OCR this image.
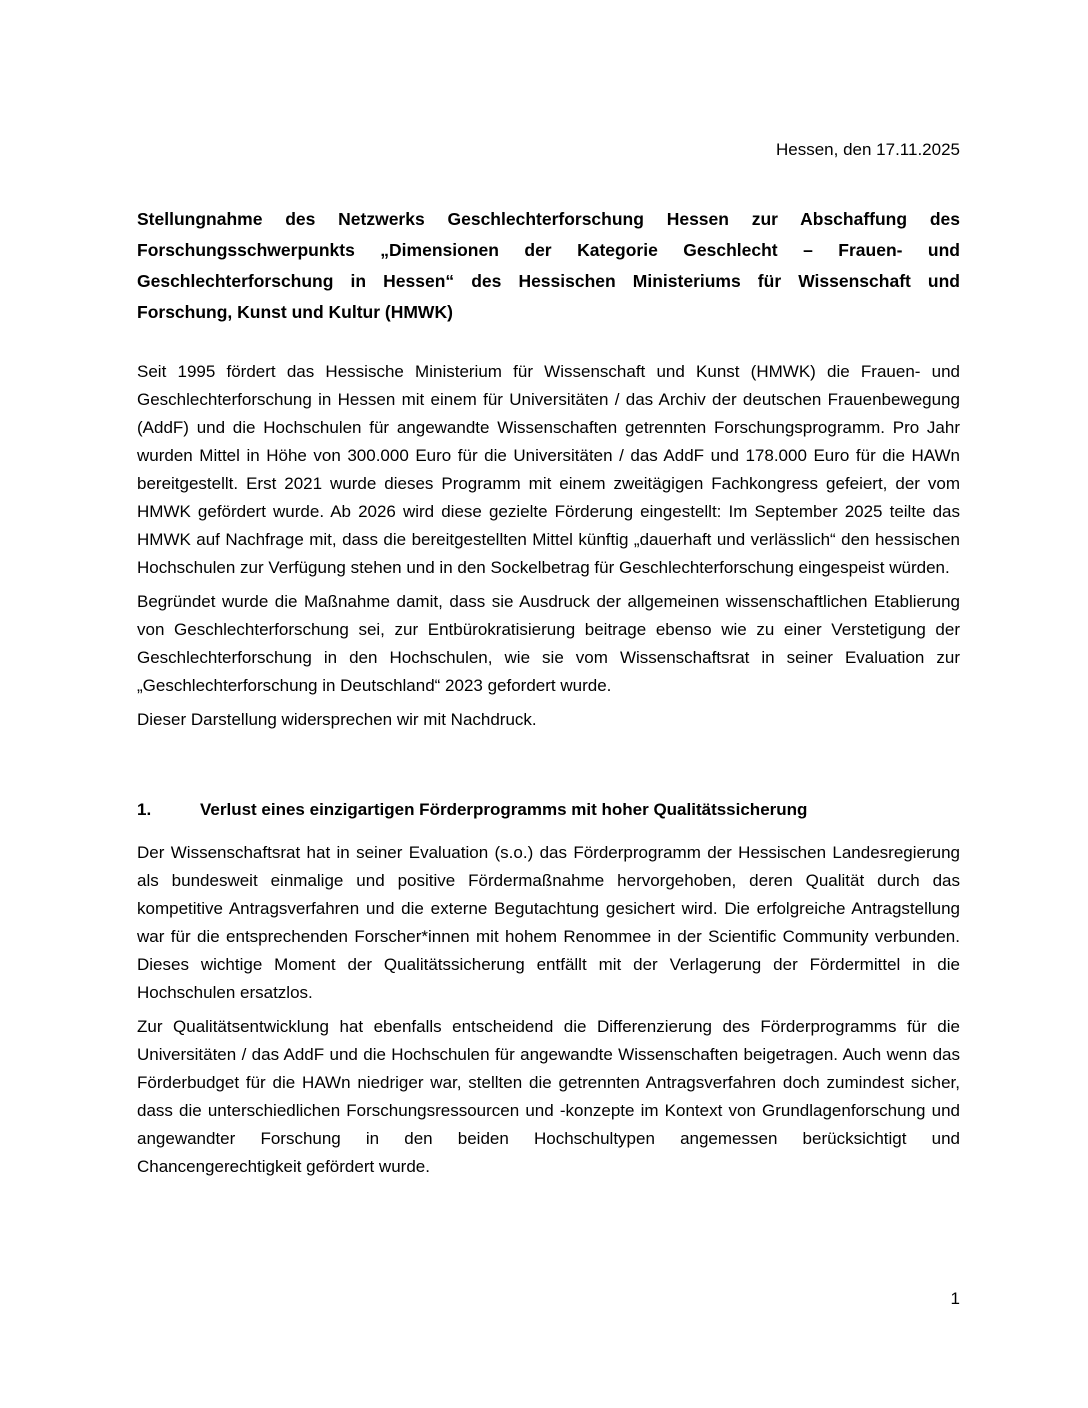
Hessen, den 17.11.2025
Stellungnahme des Netzwerks Geschlechterforschung Hessen zur Abschaffung des Forschungsschwerpunkts „Dimensionen der Kategorie Geschlecht – Frauen- und Geschlechterforschung in Hessen“ des Hessischen Ministeriums für Wissenschaft und Forschung, Kunst und Kultur (HMWK)

Seit 1995 fördert das Hessische Ministerium für Wissenschaft und Kunst (HMWK) die Frauen- und Geschlechterforschung in Hessen mit einem für Universitäten / das Archiv der deutschen Frauenbewegung (AddF) und die Hochschulen für angewandte Wissenschaften getrennten Forschungsprogramm. Pro Jahr wurden Mittel in Höhe von 300.000 Euro für die Universitäten / das AddF und 178.000 Euro für die HAWn bereitgestellt. Erst 2021 wurde dieses Programm mit einem zweitägigen Fachkongress gefeiert, der vom HMWK gefördert wurde. Ab 2026 wird diese gezielte Förderung eingestellt: Im September 2025 teilte das HMWK auf Nachfrage mit, dass die bereitgestellten Mittel künftig „dauerhaft und verlässlich“ den hessischen Hochschulen zur Verfügung stehen und in den Sockelbetrag für Geschlechterforschung eingespeist würden.

Begründet wurde die Maßnahme damit, dass sie Ausdruck der allgemeinen wissenschaftlichen Etablierung von Geschlechterforschung sei, zur Entbürokratisierung beitrage ebenso wie zu einer Verstetigung der Geschlechterforschung in den Hochschulen, wie sie vom Wissenschaftsrat in seiner Evaluation zur „Geschlechterforschung in Deutschland“ 2023 gefordert wurde.

Dieser Darstellung widersprechen wir mit Nachdruck.

1.	Verlust eines einzigartigen Förderprogramms mit hoher Qualitätssicherung

Der Wissenschaftsrat hat in seiner Evaluation (s.o.) das Förderprogramm der Hessischen Landesregierung als bundesweit einmalige und positive Fördermaßnahme hervorgehoben, deren Qualität durch das kompetitive Antragsverfahren und die externe Begutachtung gesichert wird. Die erfolgreiche Antragstellung war für die entsprechenden Forscher*innen mit hohem Renommee in der Scientific Community verbunden. Dieses wichtige Moment der Qualitätssicherung entfällt mit der Verlagerung der Fördermittel in die Hochschulen ersatzlos.

Zur Qualitätsentwicklung hat ebenfalls entscheidend die Differenzierung des Förderprogramms für die Universitäten / das AddF und die Hochschulen für angewandte Wissenschaften beigetragen. Auch wenn das Förderbudget für die HAWn niedriger war, stellten die getrennten Antragsverfahren doch zumindest sicher, dass die unterschiedlichen Forschungsressourcen und -konzepte im Kontext von Grundlagenforschung und angewandter Forschung in den beiden Hochschultypen angemessen berücksichtigt und Chancengerechtigkeit gefördert wurde.

1
